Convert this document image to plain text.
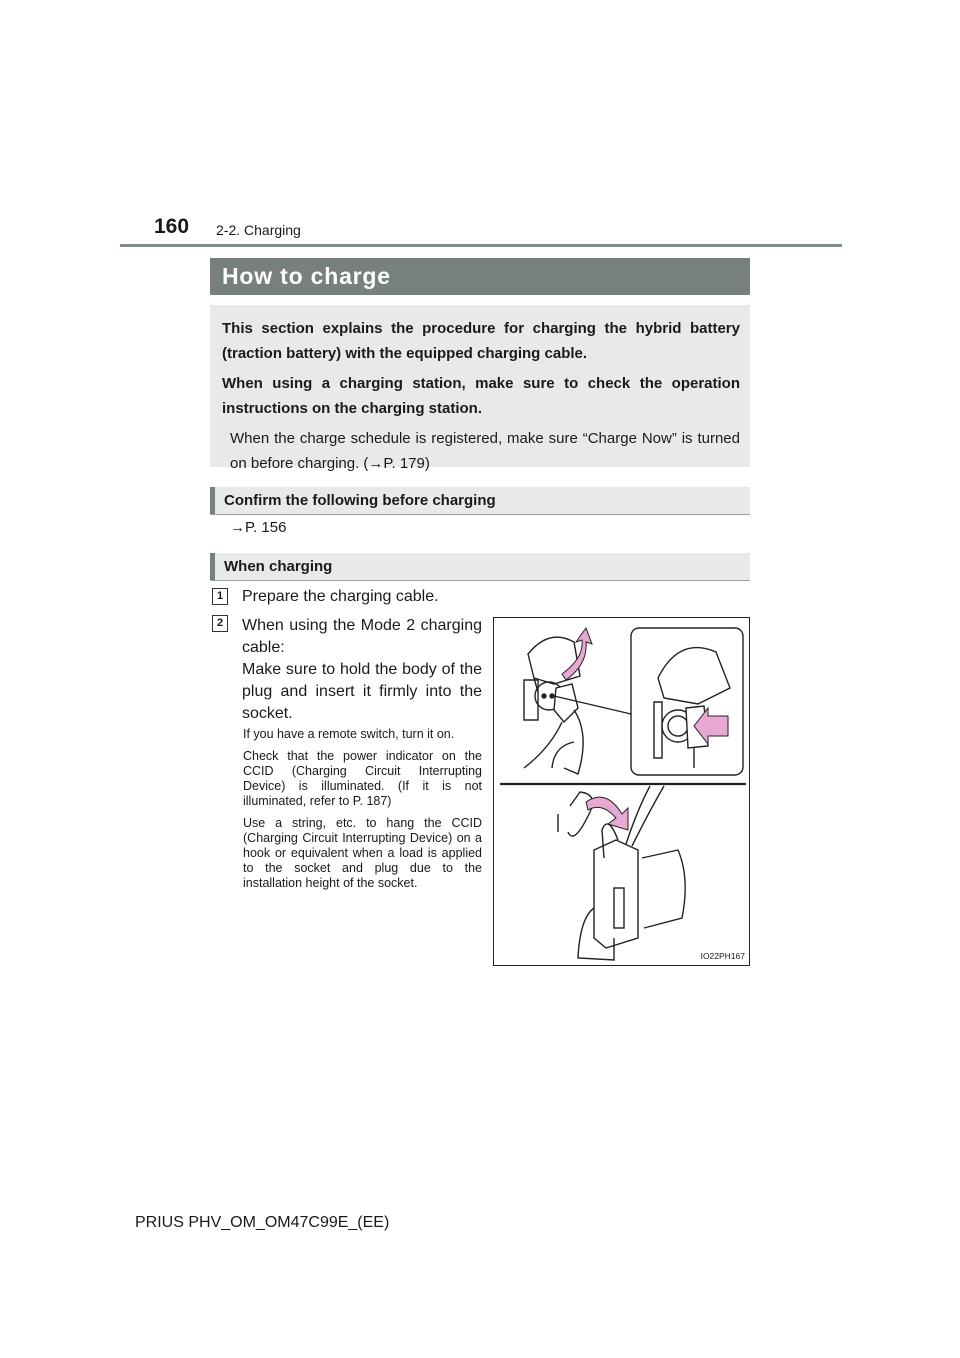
160 2-2. Charging
How to charge

This section explains the procedure for charging the hybrid battery (traction battery) with the equipped charging cable.

When using a charging station, make sure to check the operation instructions on the charging station.

When the charge schedule is registered, make sure “Charge Now” is turned on before charging. (→P. 179)

Confirm the following before charging
→P. 156
When charging
1	Prepare the charging cable.
2	When using the Mode 2 charging cable:

Make sure to hold the body of the plug and insert it firmly into the socket.

If you have a remote switch, turn it on.

Check that the power indicator on the CCID (Charging Circuit Interrupting Device) is illuminated. (If it is not illuminated, refer to P. 187)

Use a string, etc. to hang the CCID (Charging Circuit Interrupting Device) on a hook or equivalent when a load is applied to the socket and plug due to the installation height of the socket.

IO22PH167
PRIUS PHV_OM_OM47C99E_(EE)
